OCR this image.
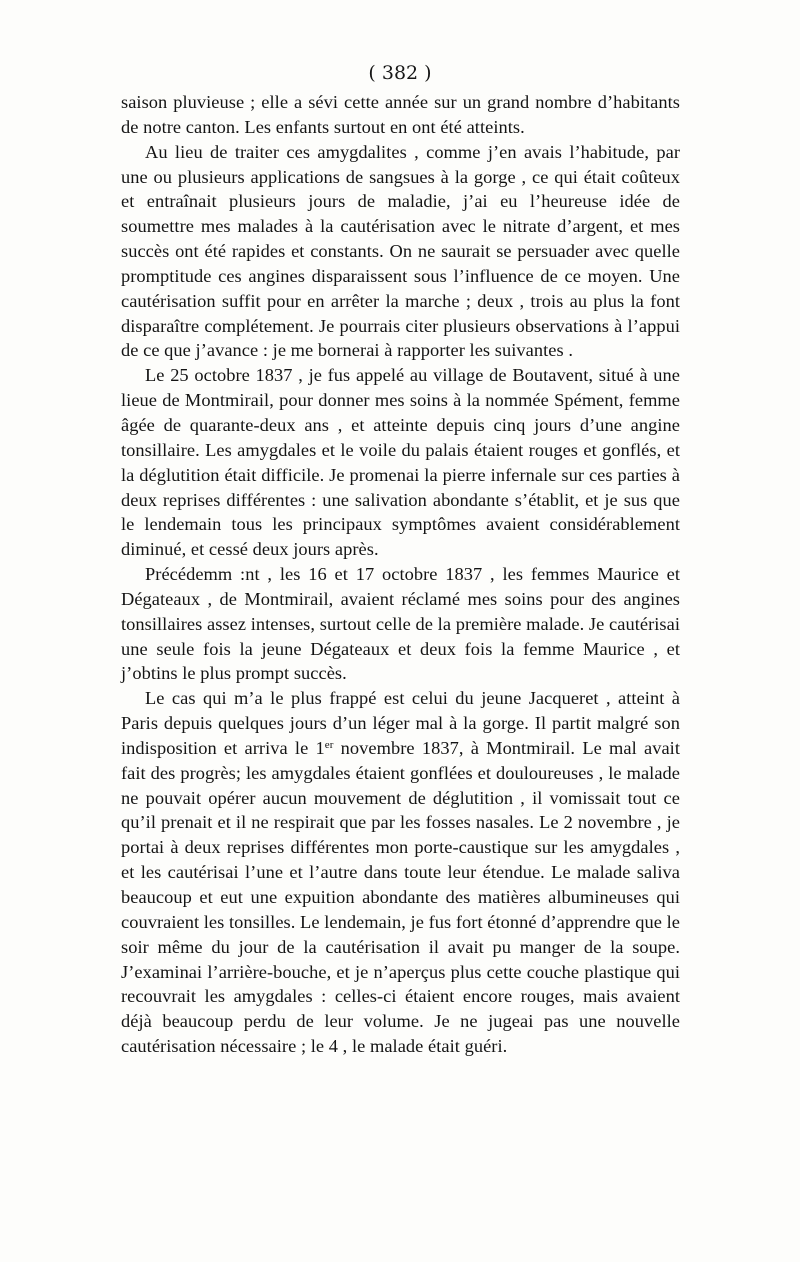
( 382 )

saison pluvieuse ; elle a sévi cette année sur un grand nombre d’habitants de notre canton. Les enfants surtout en ont été atteints.

Au lieu de traiter ces amygdalites , comme j’en avais l’habitude, par une ou plusieurs applications de sangsues à la gorge , ce qui était coûteux et entraînait plusieurs jours de maladie, j’ai eu l’heureuse idée de soumettre mes malades à la cautérisation avec le nitrate d’argent, et mes succès ont été rapides et constants. On ne saurait se persuader avec quelle promptitude ces angines disparaissent sous l’influence de ce moyen. Une cautérisation suffit pour en arrêter la marche ; deux , trois au plus la font disparaître complétement. Je pourrais citer plusieurs observations à l’appui de ce que j’avance : je me bornerai à rapporter les suivantes .

Le 25 octobre 1837 , je fus appelé au village de Boutavent, situé à une lieue de Montmirail, pour donner mes soins à la nommée Spément, femme âgée de quarante-deux ans , et atteinte depuis cinq jours d’une angine tonsillaire. Les amygdales et le voile du palais étaient rouges et gonflés, et la déglutition était difficile. Je promenai la pierre infernale sur ces parties à deux reprises différentes : une salivation abondante s’établit, et je sus que le lendemain tous les principaux symptômes avaient considérablement diminué, et cessé deux jours après.

Précédemm :nt , les 16 et 17 octobre 1837 , les femmes Maurice et Dégateaux , de Montmirail, avaient réclamé mes soins pour des angines tonsillaires assez intenses, surtout celle de la première malade. Je cautérisai une seule fois la jeune Dégateaux et deux fois la femme Maurice , et j’obtins le plus prompt succès.

Le cas qui m’a le plus frappé est celui du jeune Jacqueret , atteint à Paris depuis quelques jours d’un léger mal à la gorge. Il partit malgré son indisposition et arriva le 1er novembre 1837, à Montmirail. Le mal avait fait des progrès; les amygdales étaient gonflées et douloureuses , le malade ne pouvait opérer aucun mouvement de déglutition , il vomissait tout ce qu’il prenait et il ne respirait que par les fosses nasales. Le 2 novembre , je portai à deux reprises différentes mon porte-caustique sur les amygdales , et les cautérisai l’une et l’autre dans toute leur étendue. Le malade saliva beaucoup et eut une expuition abondante des matières albumineuses qui couvraient les tonsilles. Le lendemain, je fus fort étonné d’apprendre que le soir même du jour de la cautérisation il avait pu manger de la soupe. J’examinai l’arrière-bouche, et je n’aperçus plus cette couche plastique qui recouvrait les amygdales : celles-ci étaient encore rouges, mais avaient déjà beaucoup perdu de leur volume. Je ne jugeai pas une nouvelle cautérisation nécessaire ; le 4 , le malade était guéri.
